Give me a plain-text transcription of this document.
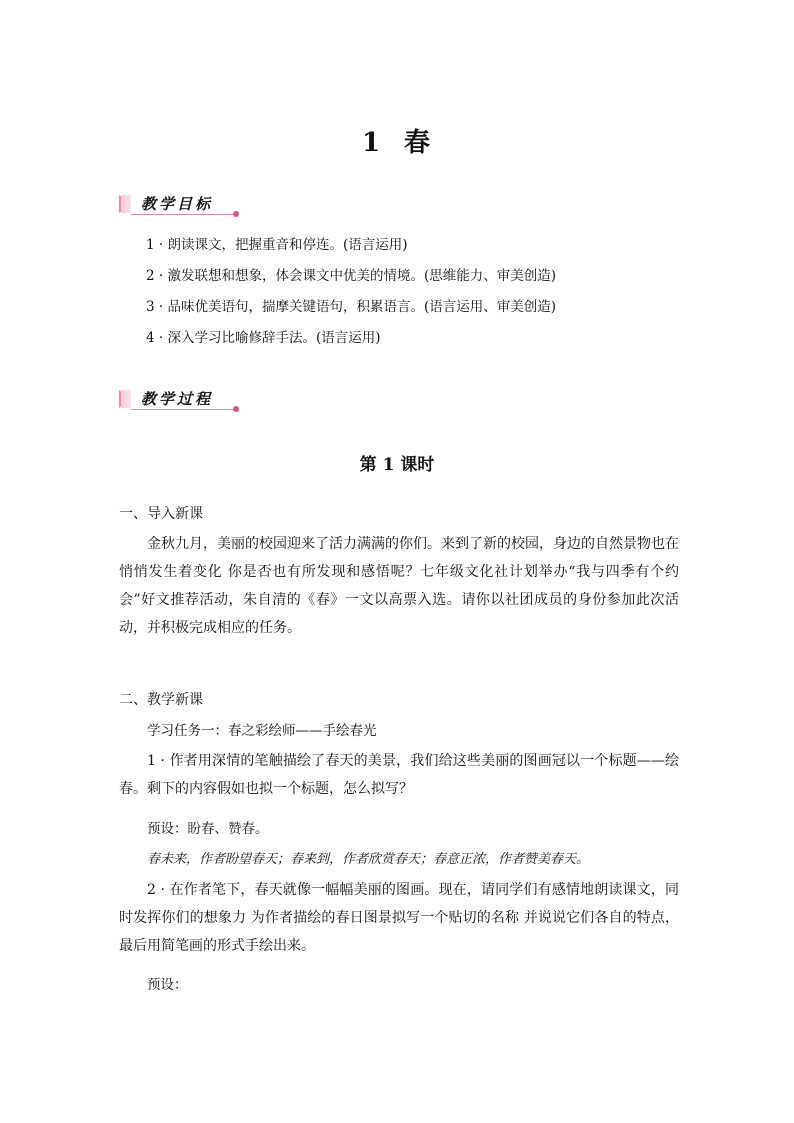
1 春
教学目标
1 · 朗读课文，把握重音和停连。(语言运用)
2 · 激发联想和想象，体会课文中优美的情境。(思维能力、审美创造)
3 · 品味优美语句，揣摩关键语句，积累语言。(语言运用、审美创造)
4 · 深入学习比喻修辞手法。(语言运用)
教学过程
第 1 课时
一、导入新课
金秋九月，美丽的校园迎来了活力满满的你们。来到了新的校园，身边的自然景物也在悄悄发生着变化 你是否也有所发现和感悟呢？七年级文化社计划举办“我与四季有个约会”好文推荐活动，朱自清的《春》一文以高票入选。请你以社团成员的身份参加此次活动，并积极完成相应的任务。
二、教学新课
学习任务一：春之彩绘师——手绘春光
1 · 作者用深情的笔触描绘了春天的美景，我们给这些美丽的图画冠以一个标题——绘春。剩下的内容假如也拟一个标题，怎么拟写？
预设：盼春、赞春。
春未来，作者盼望春天；春来到，作者欣赏春天；春意正浓，作者赞美春天。
2 · 在作者笔下，春天就像一幅幅美丽的图画。现在，请同学们有感情地朗读课文，同时发挥你们的想象力 为作者描绘的春日图景拟写一个贴切的名称 并说说它们各自的特点，最后用简笔画的形式手绘出来。
预设：
